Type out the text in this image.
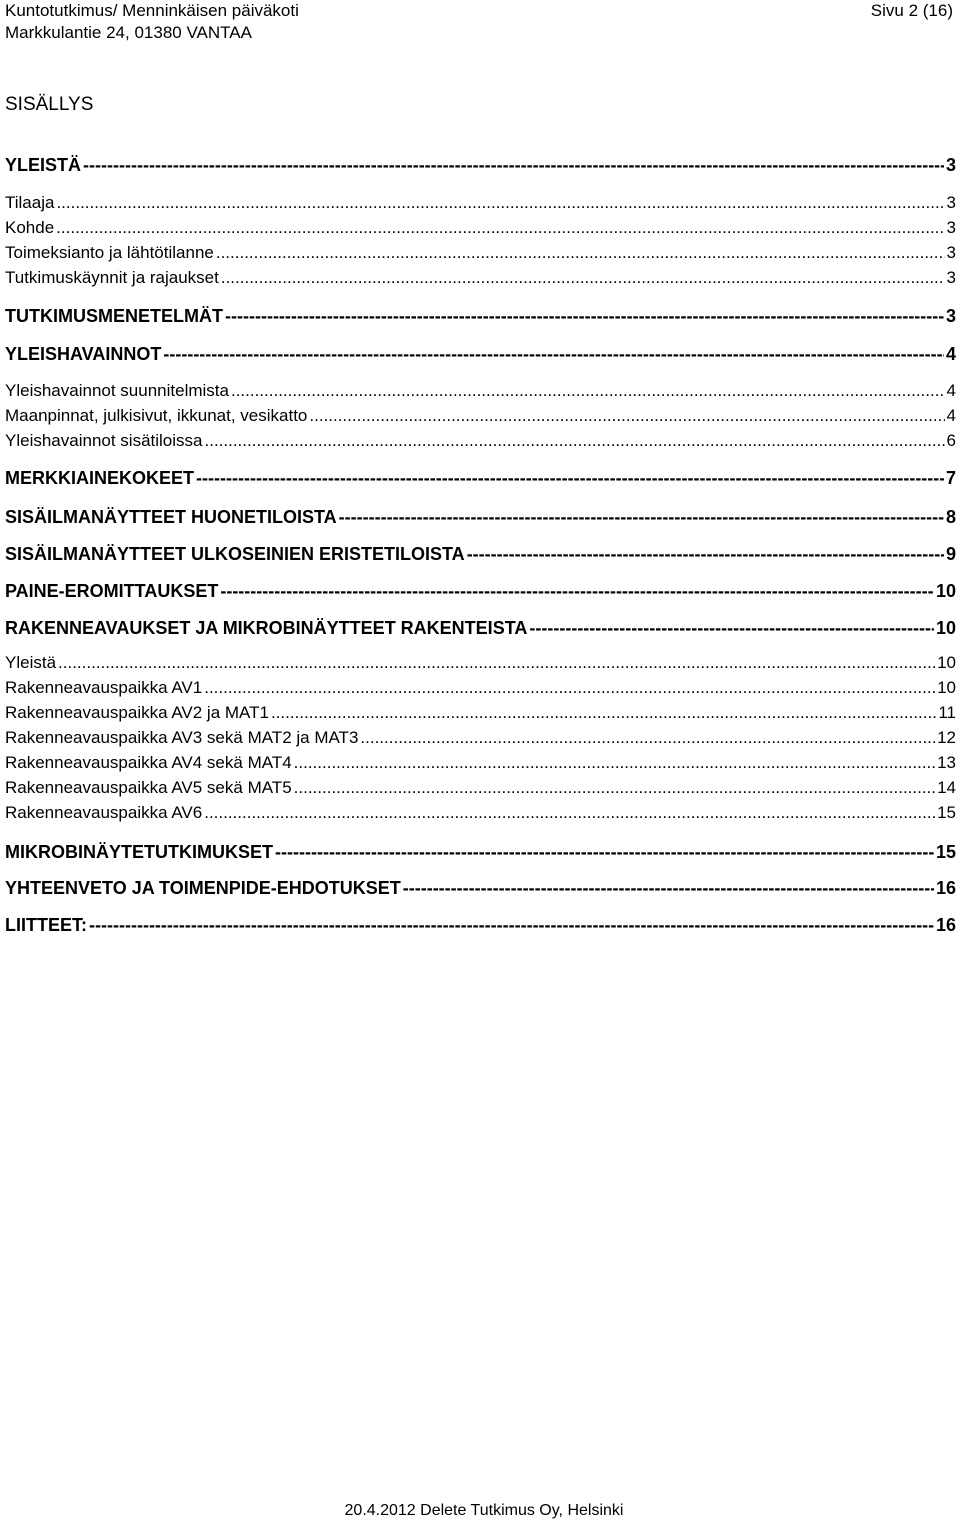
Kuntotutkimus/ Menninkäisen päiväkoti	Sivu 2 (16)
Markkulantie 24, 01380 VANTAA
SISÄLLYS
YLEISTÄ -----	3
Tilaaja .....	3
Kohde .....	3
Toimeksianto ja lähtötilanne .....	3
Tutkimuskäynnit ja rajaukset .....	3
TUTKIMUSMENETELMÄT -----	3
YLEISHAVAINNOT -----	4
Yleishavainnot suunnitelmista .....	4
Maanpinnat, julkisivut, ikkunat, vesikatto .....	4
Yleishavainnot sisätiloissa .....	6
MERKKIAINEKOKEET -----	7
SISÄILMANÄYTTEET HUONETILOISTA -----	8
SISÄILMANÄYTTEET ULKOSEINIEN ERISTETILOISTA -----	9
PAINE-EROMITTAUKSET -----	10
RAKENNEAVAUKSET JA MIKROBINÄYTTEET RAKENTEISTA -----	10
Yleistä .....	10
Rakenneavauspaikka AV1 .....	10
Rakenneavauspaikka AV2 ja MAT1 .....	11
Rakenneavauspaikka AV3 sekä MAT2 ja MAT3 .....	12
Rakenneavauspaikka AV4 sekä MAT4 .....	13
Rakenneavauspaikka AV5 sekä MAT5 .....	14
Rakenneavauspaikka AV6 .....	15
MIKROBINÄYTETUTKIMUKSET -----	15
YHTEENVETO JA TOIMENPIDE-EHDOTUKSET -----	16
LIITTEET: -----	16
20.4.2012 Delete Tutkimus Oy, Helsinki
